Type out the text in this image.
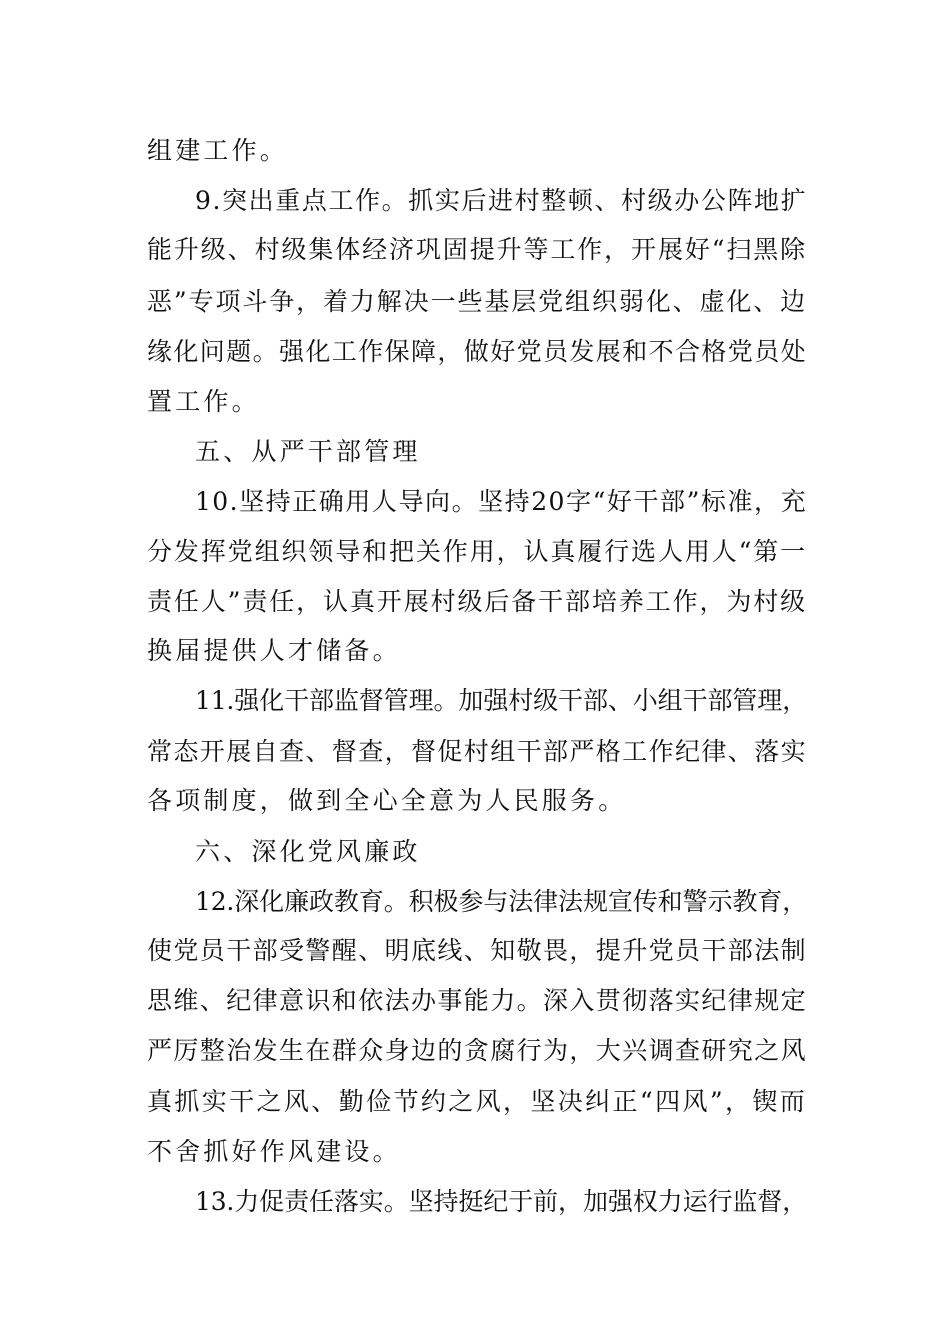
组建工作。
9.突出重点工作。抓实后进村整顿、村级办公阵地扩
能升级、村级集体经济巩固提升等工作，开展好“扫黑除
恶”专项斗争，着力解决一些基层党组织弱化、虚化、边
缘化问题。强化工作保障，做好党员发展和不合格党员处
置工作。
五、从严干部管理
10.坚持正确用人导向。坚持20字“好干部”标准，充
分发挥党组织领导和把关作用，认真履行选人用人“第一
责任人”责任，认真开展村级后备干部培养工作，为村级
换届提供人才储备。
11.强化干部监督管理。加强村级干部、小组干部管理，
常态开展自查、督查，督促村组干部严格工作纪律、落实
各项制度，做到全心全意为人民服务。
六、深化党风廉政
12.深化廉政教育。积极参与法律法规宣传和警示教育，
使党员干部受警醒、明底线、知敬畏，提升党员干部法制
思维、纪律意识和依法办事能力。深入贯彻落实纪律规定
严厉整治发生在群众身边的贪腐行为，大兴调查研究之风
真抓实干之风、勤俭节约之风，坚决纠正“四风”，锲而
不舍抓好作风建设。
13.力促责任落实。坚持挺纪于前，加强权力运行监督，
